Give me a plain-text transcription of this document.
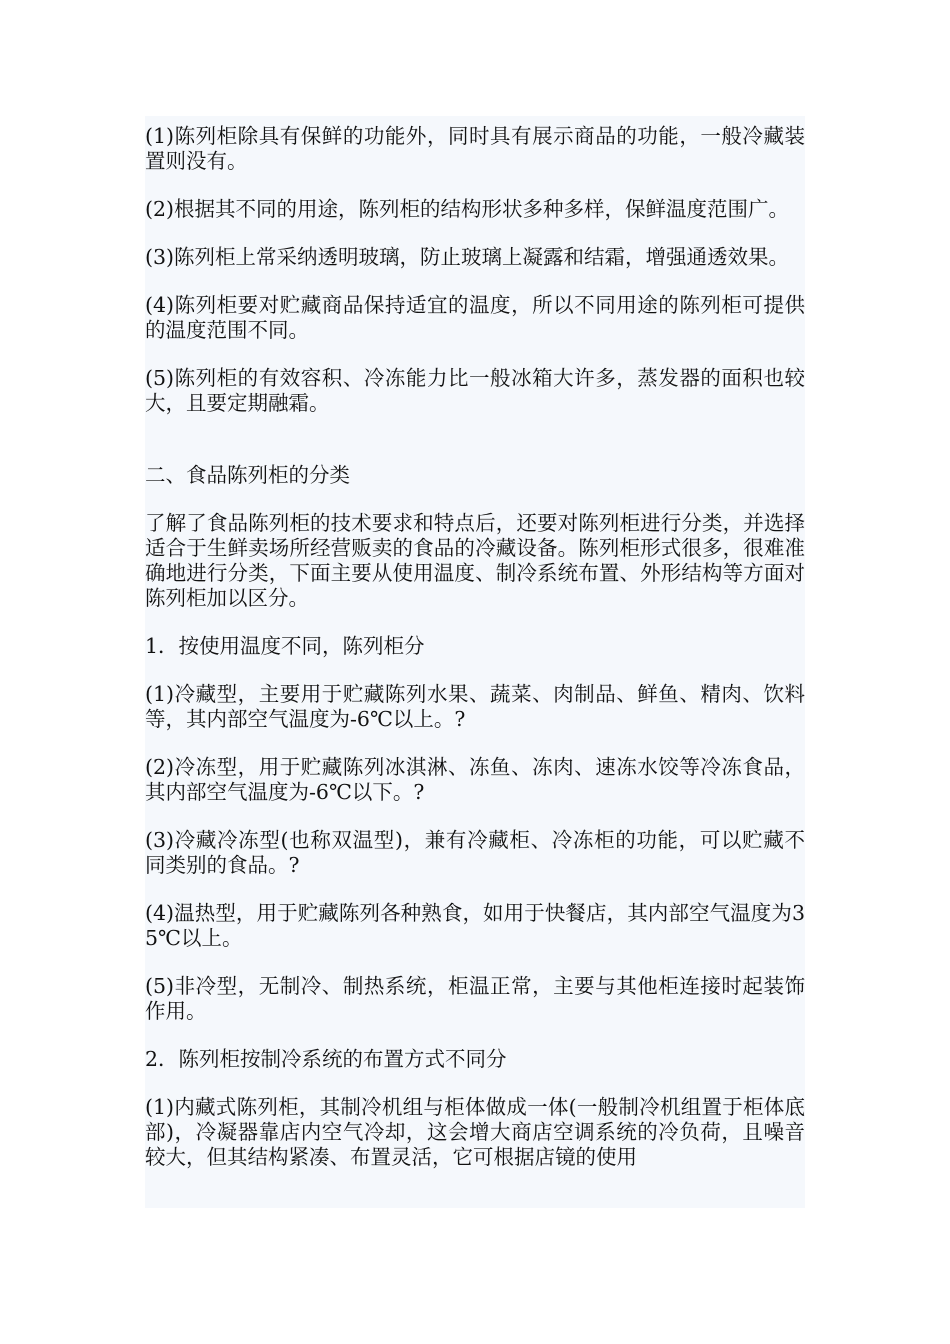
(1)陈列柜除具有保鲜的功能外，同时具有展示商品的功能，一般冷藏装置则没有。

(2)根据其不同的用途，陈列柜的结构形状多种多样，保鲜温度范围广。

(3)陈列柜上常采纳透明玻璃，防止玻璃上凝露和结霜，增强通透效果。

(4)陈列柜要对贮藏商品保持适宜的温度，所以不同用途的陈列柜可提供的温度范围不同。

(5)陈列柜的有效容积、冷冻能力比一般冰箱大许多，蒸发器的面积也较大，且要定期融霜。

二、食品陈列柜的分类

了解了食品陈列柜的技术要求和特点后，还要对陈列柜进行分类，并选择适合于生鲜卖场所经营贩卖的食品的冷藏设备。陈列柜形式很多，很难准确地进行分类，下面主要从使用温度、制冷系统布置、外形结构等方面对陈列柜加以区分。

1．按使用温度不同，陈列柜分

(1)冷藏型，主要用于贮藏陈列水果、蔬菜、肉制品、鲜鱼、精肉、饮料等，其内部空气温度为-6℃以上。?

(2)冷冻型，用于贮藏陈列冰淇淋、冻鱼、冻肉、速冻水饺等冷冻食品，其内部空气温度为-6℃以下。?

(3)冷藏冷冻型(也称双温型)，兼有冷藏柜、冷冻柜的功能，可以贮藏不同类别的食品。?

(4)温热型，用于贮藏陈列各种熟食，如用于快餐店，其内部空气温度为35℃以上。

(5)非冷型，无制冷、制热系统，柜温正常，主要与其他柜连接时起装饰作用。

2．陈列柜按制冷系统的布置方式不同分

(1)内藏式陈列柜，其制冷机组与柜体做成一体(一般制冷机组置于柜体底部)，冷凝器靠店内空气冷却，这会增大商店空调系统的冷负荷，且噪音较大，但其结构紧凑、布置灵活，它可根据店镜的使用
